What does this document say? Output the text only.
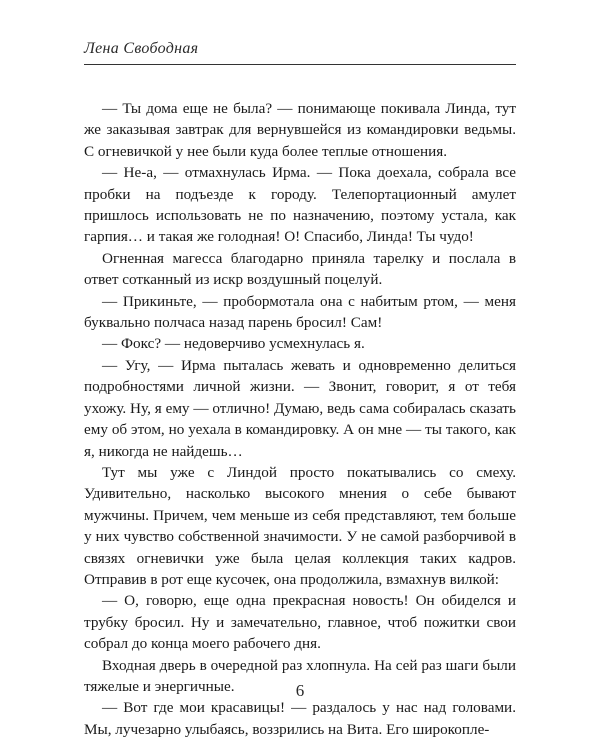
Лена Свободная

— Ты дома еще не была? — понимающе покивала Линда, тут же заказывая завтрак для вернувшейся из командировки ведьмы. С огневичкой у нее были куда более теплые отношения.

— Не-а, — отмахнулась Ирма. — Пока доехала, собрала все пробки на подъезде к городу. Телепортационный амулет пришлось использовать не по назначению, поэтому устала, как гарпия… и такая же голодная! О! Спасибо, Линда! Ты чудо!

Огненная магесса благодарно приняла тарелку и послала в ответ сотканный из искр воздушный поцелуй.

— Прикиньте, — пробормотала она с набитым ртом, — меня буквально полчаса назад парень бросил! Сам!

— Фокс? — недоверчиво усмехнулась я.

— Угу, — Ирма пыталась жевать и одновременно делиться подробностями личной жизни. — Звонит, говорит, я от тебя ухожу. Ну, я ему — отлично! Думаю, ведь сама собиралась сказать ему об этом, но уехала в командировку. А он мне — ты такого, как я, никогда не найдешь…

Тут мы уже с Линдой просто покатывались со смеху. Удивительно, насколько высокого мнения о себе бывают мужчины. Причем, чем меньше из себя представляют, тем больше у них чувство собственной значимости. У не самой разборчивой в связях огневички уже была целая коллекция таких кадров. Отправив в рот еще кусочек, она продолжила, взмахнув вилкой:

— О, говорю, еще одна прекрасная новость! Он обиделся и трубку бросил. Ну и замечательно, главное, чтоб пожитки свои собрал до конца моего рабочего дня.

Входная дверь в очередной раз хлопнула. На сей раз шаги были тяжелые и энергичные.

— Вот где мои красавицы! — раздалось у нас над головами. Мы, лучезарно улыбаясь, воззрились на Вита. Его широкопле-

6
